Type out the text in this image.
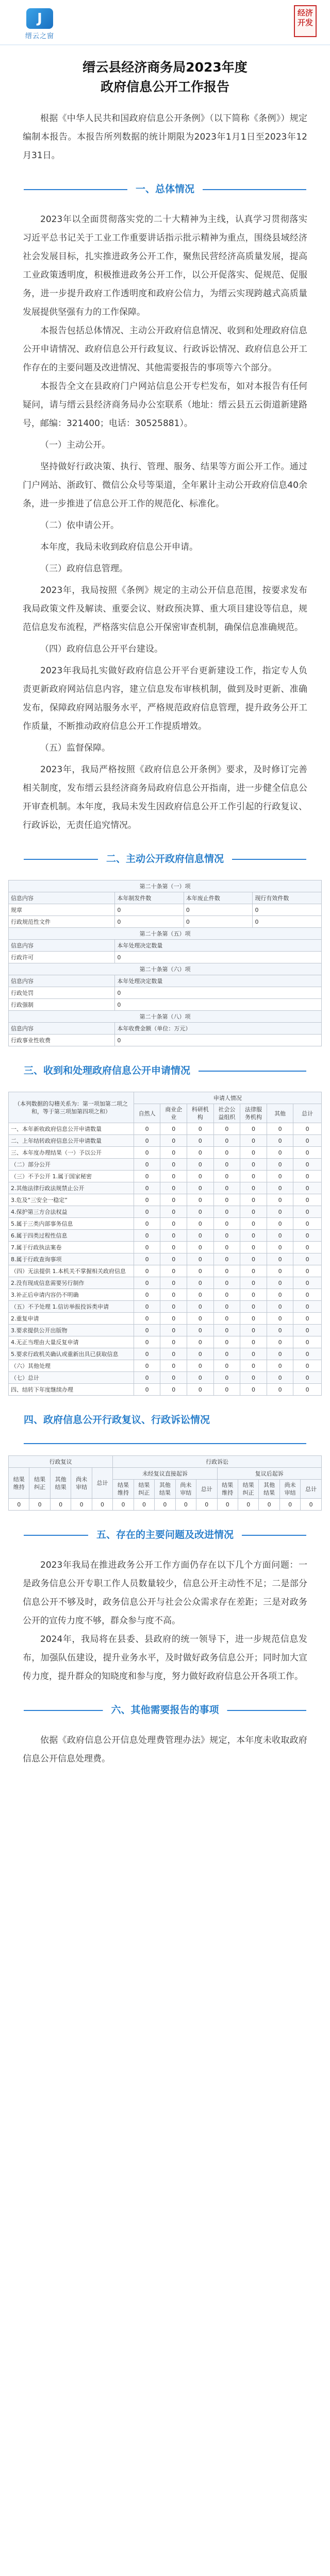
J
缙云之窗
经济开发
缙云县经济商务局2023年度
政府信息公开工作报告

根据《中华人民共和国政府信息公开条例》（以下简称《条例》）规定编制本报告。本报告所列数据的统计期限为2023年1月1日至2023年12月31日。

一、总体情况

2023年以全面贯彻落实党的二十大精神为主线，认真学习贯彻落实习近平总书记关于工业工作重要讲话指示批示精神为重点，围绕县域经济社会发展目标，扎实推进政务公开工作，聚焦民营经济高质量发展，提高工业政策透明度，积极推进政务公开工作，以公开促落实、促规范、促服务，进一步提升政府工作透明度和政府公信力，为缙云实现跨越式高质量发展提供坚强有力的工作保障。

本报告包括总体情况、主动公开政府信息情况、收到和处理政府信息公开申请情况、政府信息公开行政复议、行政诉讼情况、政府信息公开工作存在的主要问题及改进情况、其他需要报告的事项等六个部分。

本报告全文在县政府门户网站信息公开专栏发布，如对本报告有任何疑问，请与缙云县经济商务局办公室联系（地址：缙云县五云街道新建路号，邮编：321400；电话：30525881）。

（一）主动公开。

坚持做好行政决策、执行、管理、服务、结果等方面公开工作。通过门户网站、浙政钉、微信公众号等渠道，全年累计主动公开政府信息40余条，进一步推进了信息公开工作的规范化、标准化。

（二）依申请公开。

本年度，我局未收到政府信息公开申请。

（三）政府信息管理。

2023年，我局按照《条例》规定的主动公开信息范围，按要求发布我局政策文件及解读、重要会议、财政预决算、重大项目建设等信息，规范信息发布流程，严格落实信息公开保密审查机制，确保信息准确规范。

（四）政府信息公开平台建设。

2023年我局扎实做好政府信息公开平台更新建设工作，指定专人负责更新政府网站信息内容，建立信息发布审核机制，做到及时更新、准确发布，保障政府网站服务水平，严格规范政府信息管理，提升政务公开工作质量，不断推动政府信息公开工作提质增效。

（五）监督保障。

2023年，我局严格按照《政府信息公开条例》要求，及时修订完善相关制度，发布缙云县经济商务局政府信息公开指南，进一步健全信息公开审查机制。本年度，我局未发生因政府信息公开工作引起的行政复议、行政诉讼，无责任追究情况。

二、主动公开政府信息情况
第二十条第（一）项			
信息内容	本年制发件数	本年废止件数	现行有效件数
规章	0	0	0
行政规范性文件	0	0	0
第二十条第（五）项			
信息内容	本年处理决定数量		
行政许可	0		
第二十条第（六）项			
信息内容	本年处理决定数量		
行政处罚	0		
行政强制	0		
第二十条第（八）项			
信息内容	本年收费金额（单位：万元）		
行政事业性收费	0		
三、收到和处理政府信息公开申请情况
（本列数据的勾稽关系为：第一项加第二项之和，等于第三项加第四项之和）	申请人情况						
	自然人	商业企业	科研机构	社会公益组织	法律服务机构	其他	总计
一、本年新收政府信息公开申请数量	0	0	0	0	0	0	0
二、上年结转政府信息公开申请数量	0	0	0	0	0	0	0
三、本年度办理结果（一）予以公开	0	0	0	0	0	0	0
（二）部分公开	0	0	0	0	0	0	0
（三）不予公开 1.属于国家秘密	0	0	0	0	0	0	0
2.其他法律行政法规禁止公开	0	0	0	0	0	0	0
3.危及“三安全一稳定”	0	0	0	0	0	0	0
4.保护第三方合法权益	0	0	0	0	0	0	0
5.属于三类内部事务信息	0	0	0	0	0	0	0
6.属于四类过程性信息	0	0	0	0	0	0	0
7.属于行政执法案卷	0	0	0	0	0	0	0
8.属于行政查询事项	0	0	0	0	0	0	0
（四）无法提供 1.本机关不掌握相关政府信息	0	0	0	0	0	0	0
2.没有现成信息需要另行制作	0	0	0	0	0	0	0
3.补正后申请内容仍不明确	0	0	0	0	0	0	0
（五）不予处理 1.信访举报投诉类申请	0	0	0	0	0	0	0
2.重复申请	0	0	0	0	0	0	0
3.要求提供公开出版物	0	0	0	0	0	0	0
4.无正当理由大量反复申请	0	0	0	0	0	0	0
5.要求行政机关确认或重新出具已获取信息	0	0	0	0	0	0	0
（六）其他处理	0	0	0	0	0	0	0
（七）总计	0	0	0	0	0	0	0
四、结转下年度继续办理	0	0	0	0	0	0	0
四、政府信息公开行政复议、行政诉讼情况
行政复议					行政诉讼									
结果维持	结果纠正	其他结果	尚未审结	总计	未经复议直接起诉					复议后起诉				
					结果维持	结果纠正	其他结果	尚未审结	总计	结果维持	结果纠正	其他结果	尚未审结	总计
0	0	0	0	0	0	0	0	0	0	0	0	0	0	0
五、存在的主要问题及改进情况

2023年我局在推进政务公开工作方面仍存在以下几个方面问题：一是政务信息公开专职工作人员数量较少，信息公开主动性不足；二是部分信息公开不够及时，政务信息公开与社会公众需求存在差距；三是对政务公开的宣传力度不够，群众参与度不高。

2024年，我局将在县委、县政府的统一领导下，进一步规范信息发布，加强队伍建设，提升业务水平，及时做好政务信息公开；同时加大宣传力度，提升群众的知晓度和参与度，努力做好政府信息公开各项工作。

六、其他需要报告的事项

依据《政府信息公开信息处理费管理办法》规定，本年度未收取政府信息公开信息处理费。
